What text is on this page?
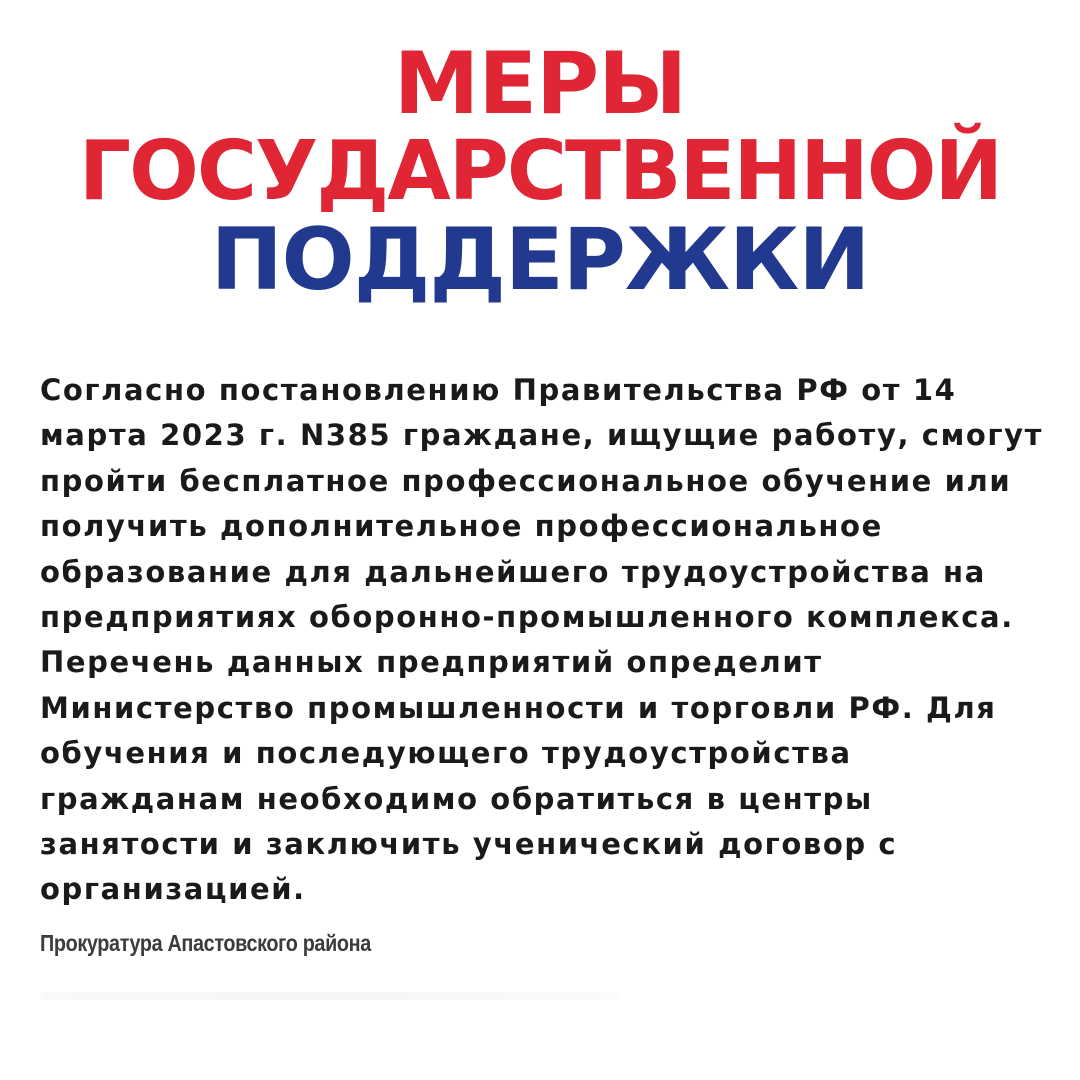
МЕРЫ
ГОСУДАРСТВЕННОЙ
ПОДДЕРЖКИ

Согласно постановлению Правительства РФ от 14
марта 2023 г. N385 граждане, ищущие работу, смогут
пройти бесплатное профессиональное обучение или
получить дополнительное профессиональное
образование для дальнейшего трудоустройства на
предприятиях оборонно-промышленного комплекса.
Перечень данных предприятий определит
Министерство промышленности и торговли РФ. Для
обучения и последующего трудоустройства
гражданам необходимо обратиться в центры
занятости и заключить ученический договор с
организацией.

Прокуратура Апастовского района
